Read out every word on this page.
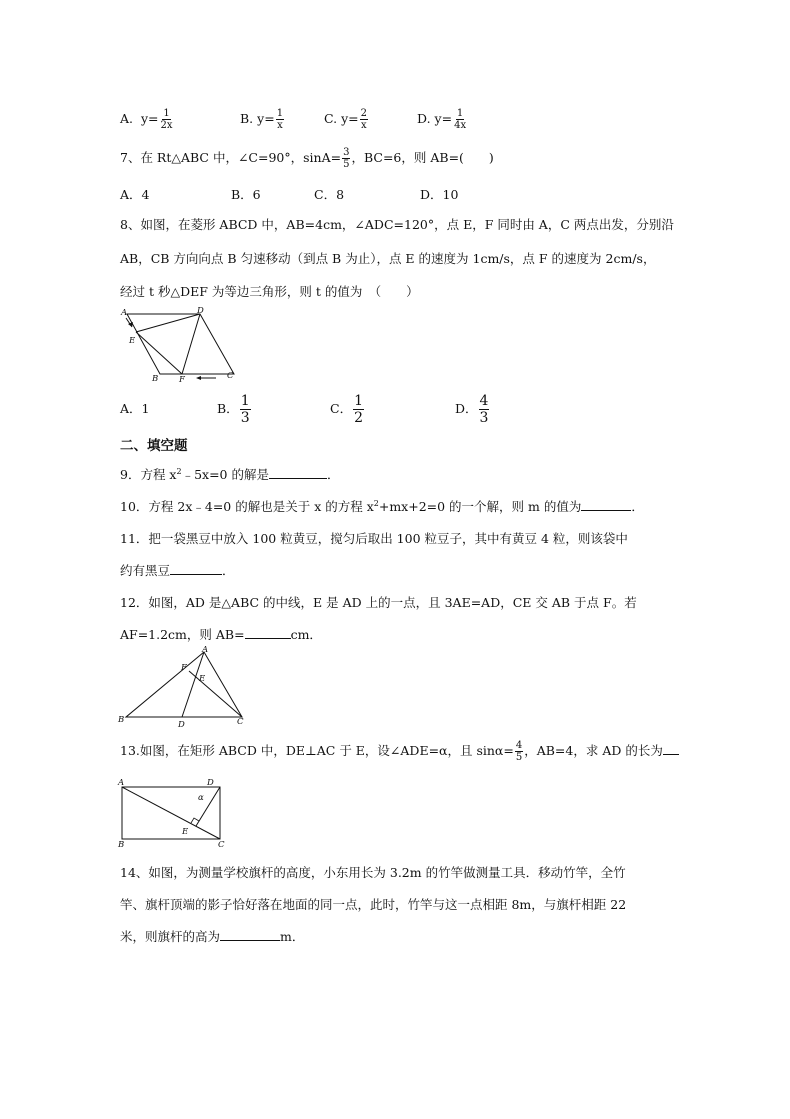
A. $y= \frac{1}{2x}$	B. $y= \frac{1}{x}$	C. $y= \frac{2}{x}$	D. $y= \frac{1}{4x}$
7、在 Rt△ABC 中，∠C=90°，$\sin A= \frac{3}{5}$ ，BC=6，则 AB=(　　)
A．4	B．6	C．8	D．10
8、如图，在菱形 ABCD 中，AB=4cm，∠ADC=120°，点 E，F 同时由 A，C 两点出发，分别沿
AB，CB 方向向点 B 匀速移动（到点 B 为止），点 E 的速度为 1cm/s，点 F 的速度为 2cm/s，
经过 t 秒△DEF 为等边三角形，则 t 的值为　（　　）
A	D
E
B F	C
A．1	B． $\frac{1}{3}$	C． $\frac{1}{2}$	D． $\frac{4}{3}$
二、填空题
9．方程 $x^2﹣5x=0$ 的解是	．
10．方程 2x﹣4=0 的解也是关于 x 的方程 $x^2+mx+2=0$ 的一个解，则 m 的值为	．
11．把一袋黑豆中放入 100 粒黄豆，搅匀后取出 100 粒豆子，其中有黄豆 4 粒，则该袋中
约有黑豆	．
12．如图，AD 是△ABC 的中线，E 是 AD 上的一点，且 3AE=AD，CE 交 AB 于点 F。若
AF=1.2cm，则 AB=	cm．
A
F
E
B	D	C
13.如图，在矩形 ABCD 中，DE⊥AC 于 E，设∠ADE=α，且 $\sin\alpha= \frac{4}{5}$ ，AB=4，求 AD 的长为
A	D
α
E
B	C
14、如图，为测量学校旗杆的高度，小东用长为 3.2m 的竹竿做测量工具．移动竹竿，全竹
竿、旗杆顶端的影子恰好落在地面的同一点，此时，竹竿与这一点相距 8m，与旗杆相距 22
米，则旗杆的高为	m．
